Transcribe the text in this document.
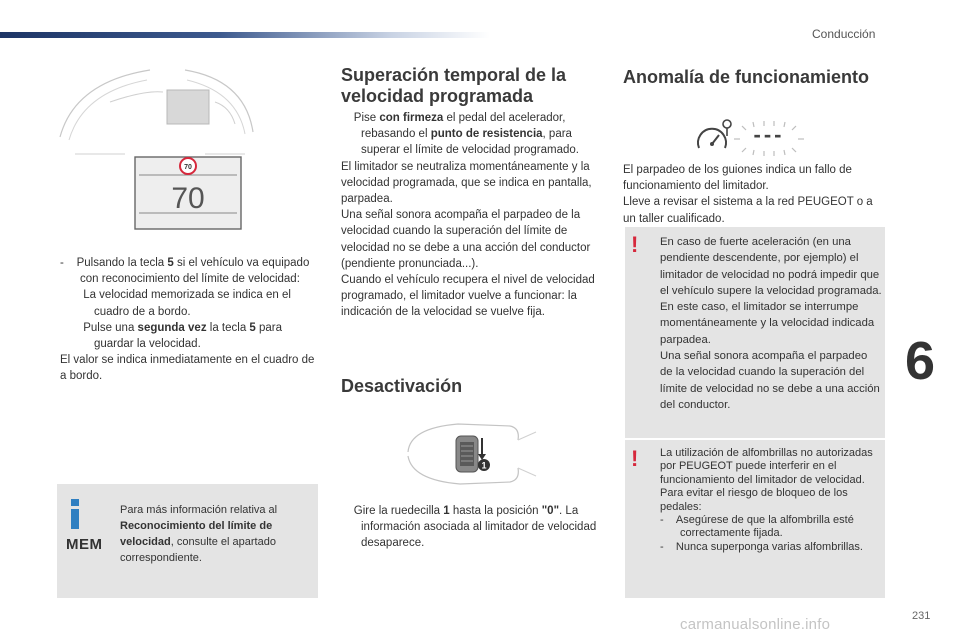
Conducción
70
70

-    Pulsando la tecla 5 si el vehículo va equipado con reconocimiento del límite de velocidad:

La velocidad memorizada se indica en el cuadro de a bordo.

Pulse una segunda vez la tecla 5 para guardar la velocidad.

El valor se indica inmediatamente en el cuadro de a bordo.

MEM
Para más información relativa al Reconocimiento del límite de velocidad, consulte el apartado correspondiente.
Superación temporal de la velocidad programada

Pise con firmeza el pedal del acelerador, rebasando el punto de resistencia, para superar el límite de velocidad programado.

El limitador se neutraliza momentáneamente y la velocidad programada, que se indica en pantalla, parpadea.
Una señal sonora acompaña el parpadeo de la velocidad cuando la superación del límite de velocidad no se debe a una acción del conductor (pendiente pronunciada...).
Cuando el vehículo recupera el nivel de velocidad programado, el limitador vuelve a funcionar: la indicación de la velocidad se vuelve fija.

Desactivación
1

Gire la ruedecilla 1 hasta la posición "0". La información asociada al limitador de velocidad desaparece.

Anomalía de funcionamiento
---

El parpadeo de los guiones indica un fallo de funcionamiento del limitador.

Lleve a revisar el sistema a la red PEUGEOT o a un taller cualificado.

! En caso de fuerte aceleración (en una pendiente descendente, por ejemplo) el limitador de velocidad no podrá impedir que el vehículo supere la velocidad programada.

En este caso, el limitador se interrumpe momentáneamente y la velocidad indicada parpadea.

Una señal sonora acompaña el parpadeo de la velocidad cuando la superación del límite de velocidad no se debe a una acción del conductor.

! La utilización de alfombrillas no autorizadas por PEUGEOT puede interferir en el funcionamiento del limitador de velocidad.

Para evitar el riesgo de bloqueo de los pedales:

-    Asegúrese de que la alfombrilla esté correctamente fijada.

-    Nunca superponga varias alfombrillas.

6
carmanualsonline.info	231
